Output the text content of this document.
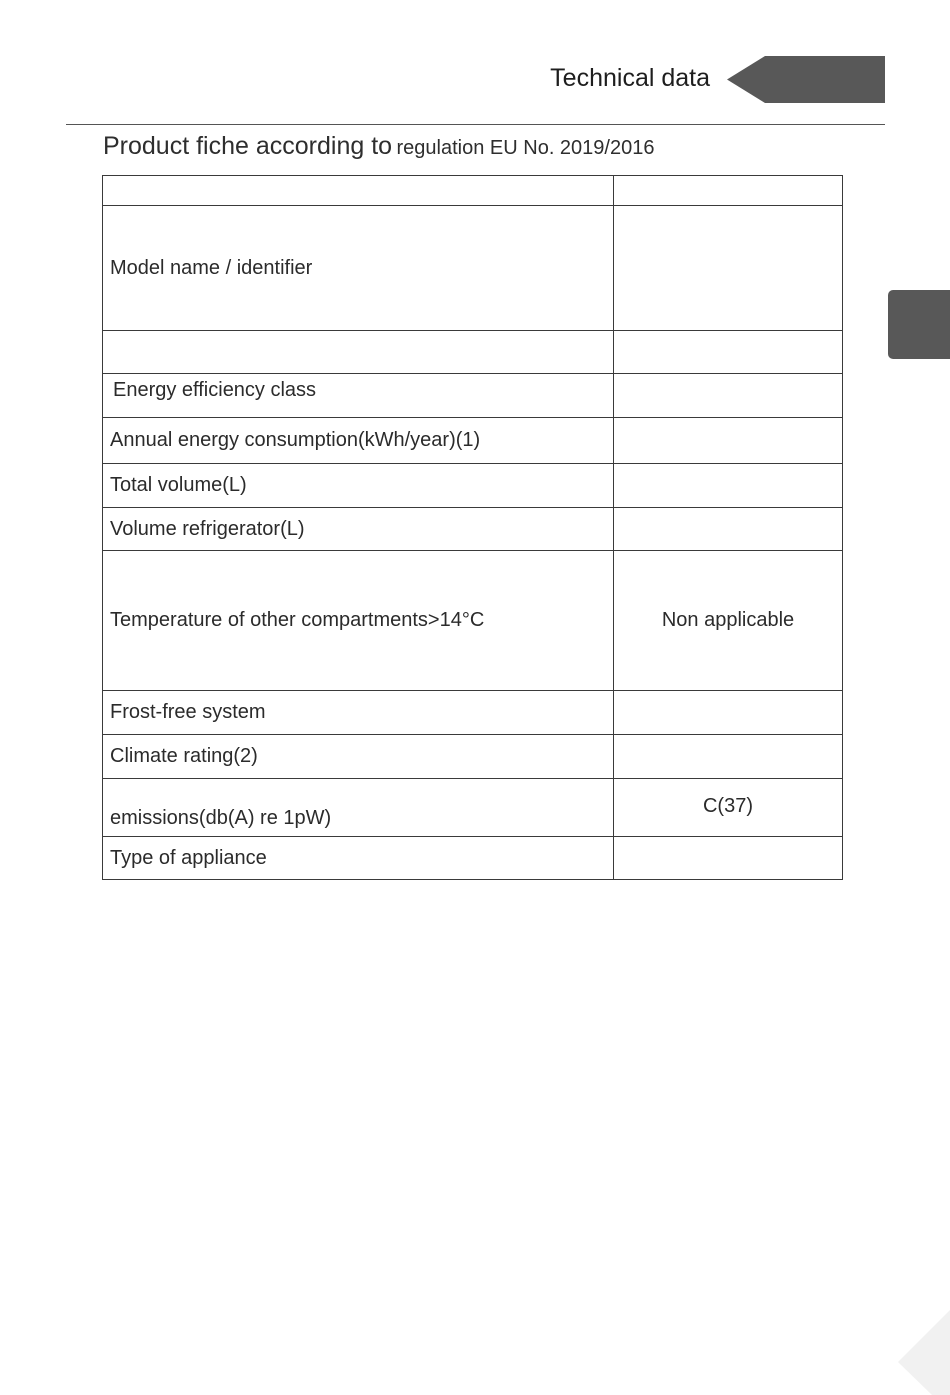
Technical data
Product fiche according to regulation EU No. 2019/2016

Model name / identifier	

Energy efficiency class	
Annual energy consumption(kWh/year)(1)	
Total volume(L)	
Volume refrigerator(L)	
Temperature of other compartments>14°C	Non applicable
Frost-free system	
Climate rating(2)	
emissions(db(A) re 1pW)	C(37)
Type of appliance	
